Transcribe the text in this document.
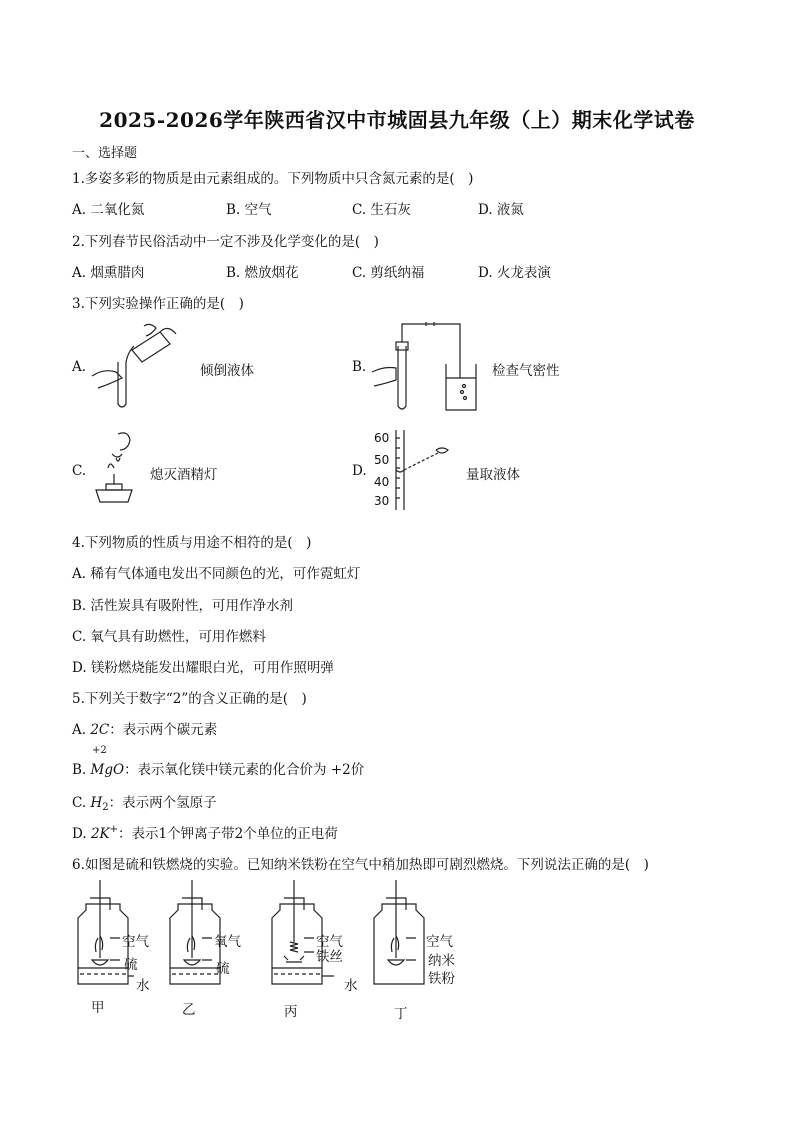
2025-2026学年陕西省汉中市城固县九年级（上）期末化学试卷
一、选择题
1.多姿多彩的物质是由元素组成的。下列物质中只含氮元素的是(　)
A. 二氧化氮	B. 空气	C. 生石灰	D. 液氮
2.下列春节民俗活动中一定不涉及化学变化的是(　)
A. 烟熏腊肉	B. 燃放烟花	C. 剪纸纳福	D. 火龙表演
3.下列实验操作正确的是(　)
A.	倾倒液体	B.	检查气密性
C.	熄灭酒精灯	D.
60
50
40
30
量取液体
4.下列物质的性质与用途不相符的是(　)
A. 稀有气体通电发出不同颜色的光，可作霓虹灯
B. 活性炭具有吸附性，可用作净水剂
C. 氧气具有助燃性，可用作燃料
D. 镁粉燃烧能发出耀眼白光，可用作照明弹
5.下列关于数字“2”的含义正确的是(　)
A. 2C：表示两个碳元素
+2
B. MgO：表示氧化镁中镁元素的化合价为 +2价
C. $H_2$：表示两个氢原子
D. 2K+：表示1个钾离子带2个单位的正电荷
6.如图是硫和铁燃烧的实验。已知纳米铁粉在空气中稍加热即可剧烈燃烧。下列说法正确的是(　)
空气
硫
水
甲
氧气
硫
乙
空气
铁丝
水
丙
空气
纳米
铁粉
丁
